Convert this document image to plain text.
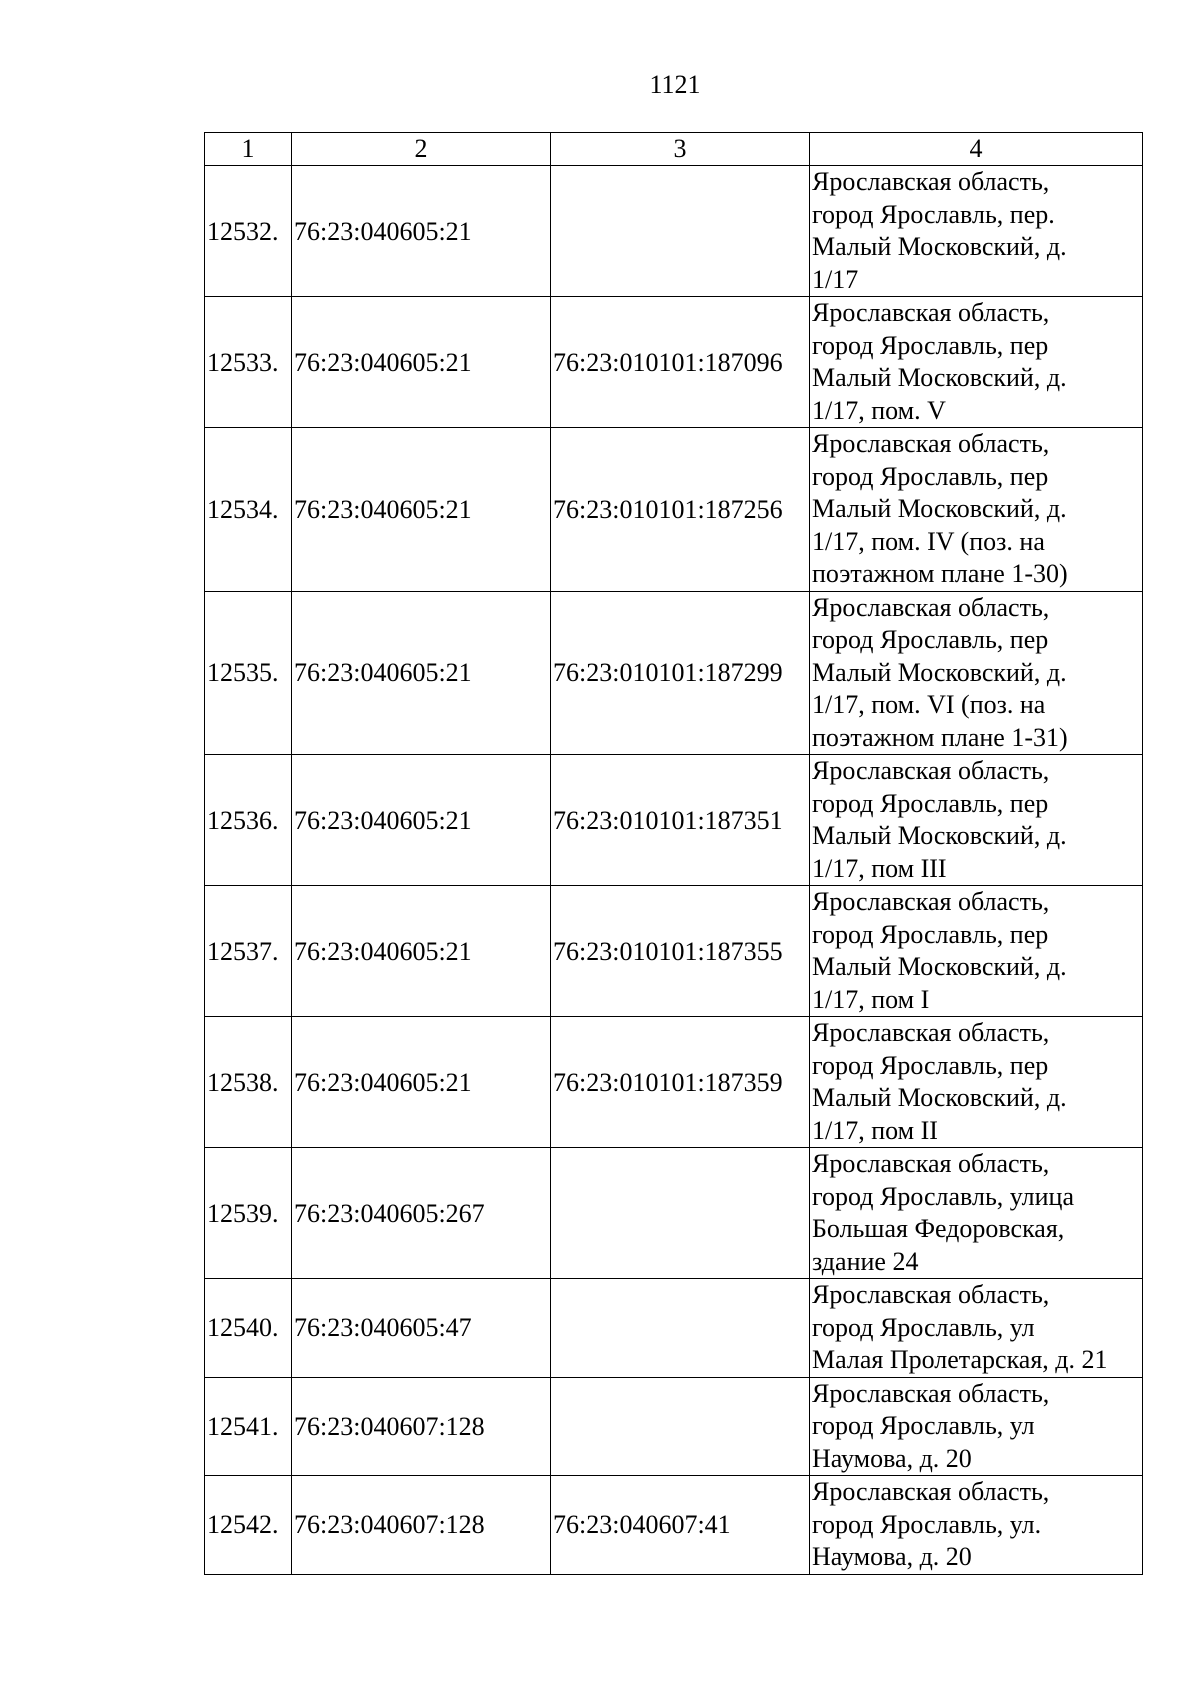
1121
1	2	3	4
12532.	76:23:040605:21		Ярославская область,
город Ярославль, пер.
Малый Московский, д.
1/17

12533.	76:23:040605:21	76:23:010101:187096	Ярославская область,
город Ярославль, пер
Малый Московский, д.
1/17, пом. V

12534.	76:23:040605:21	76:23:010101:187256	Ярославская область,
город Ярославль, пер
Малый Московский, д.
1/17, пом. IV (поз. на
поэтажном плане 1-30)

12535.	76:23:040605:21	76:23:010101:187299	Ярославская область,
город Ярославль, пер
Малый Московский, д.
1/17, пом. VI (поз. на
поэтажном плане 1-31)

12536.	76:23:040605:21	76:23:010101:187351	Ярославская область,
город Ярославль, пер
Малый Московский, д.
1/17, пом III

12537.	76:23:040605:21	76:23:010101:187355	Ярославская область,
город Ярославль, пер
Малый Московский, д.
1/17, пом I

12538.	76:23:040605:21	76:23:010101:187359	Ярославская область,
город Ярославль, пер
Малый Московский, д.
1/17, пом II

12539.	76:23:040605:267		Ярославская область,
город Ярославль, улица
Большая Федоровская,
здание 24

12540.	76:23:040605:47		Ярославская область,
город Ярославль, ул
Малая Пролетарская, д. 21

12541.	76:23:040607:128		Ярославская область,
город Ярославль, ул
Наумова, д. 20

12542.	76:23:040607:128	76:23:040607:41	Ярославская область,
город Ярославль, ул.
Наумова, д. 20
